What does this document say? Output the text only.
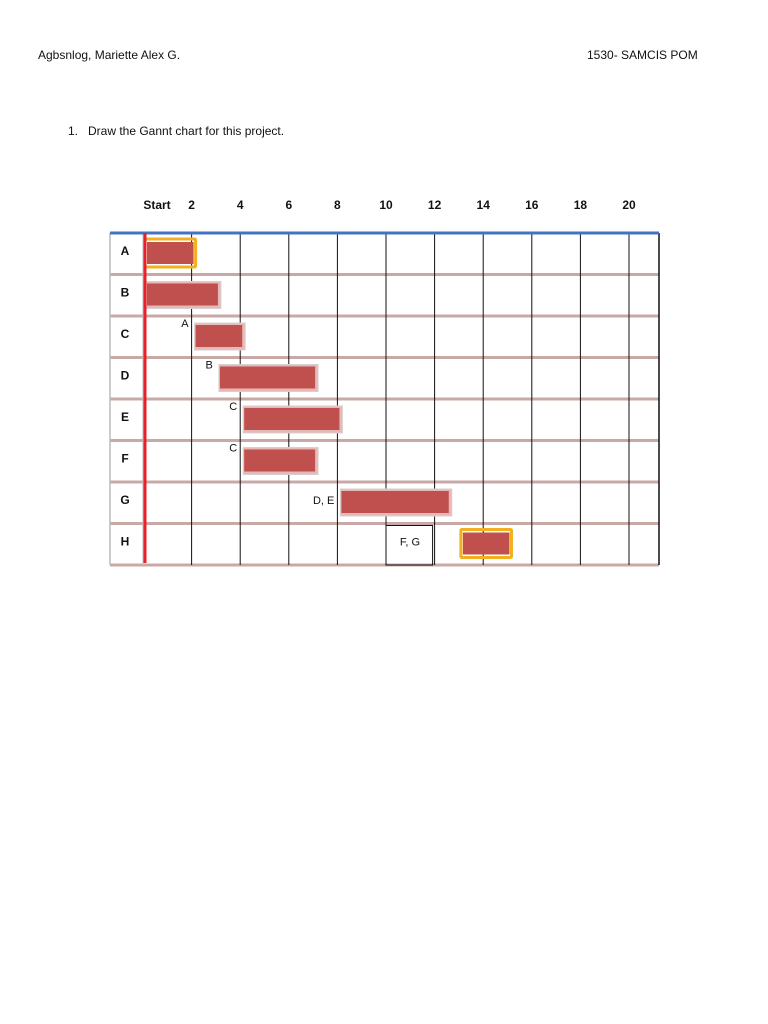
Agbsnlog, Mariette Alex G.	1530- SAMCIS POM
1. Draw the Gannt chart for this project.
Start 2	4	6	8	10	12	14	16	18	20
A
B
C
A
D
B
E
C
F
C
G	D, E
H	F, G
